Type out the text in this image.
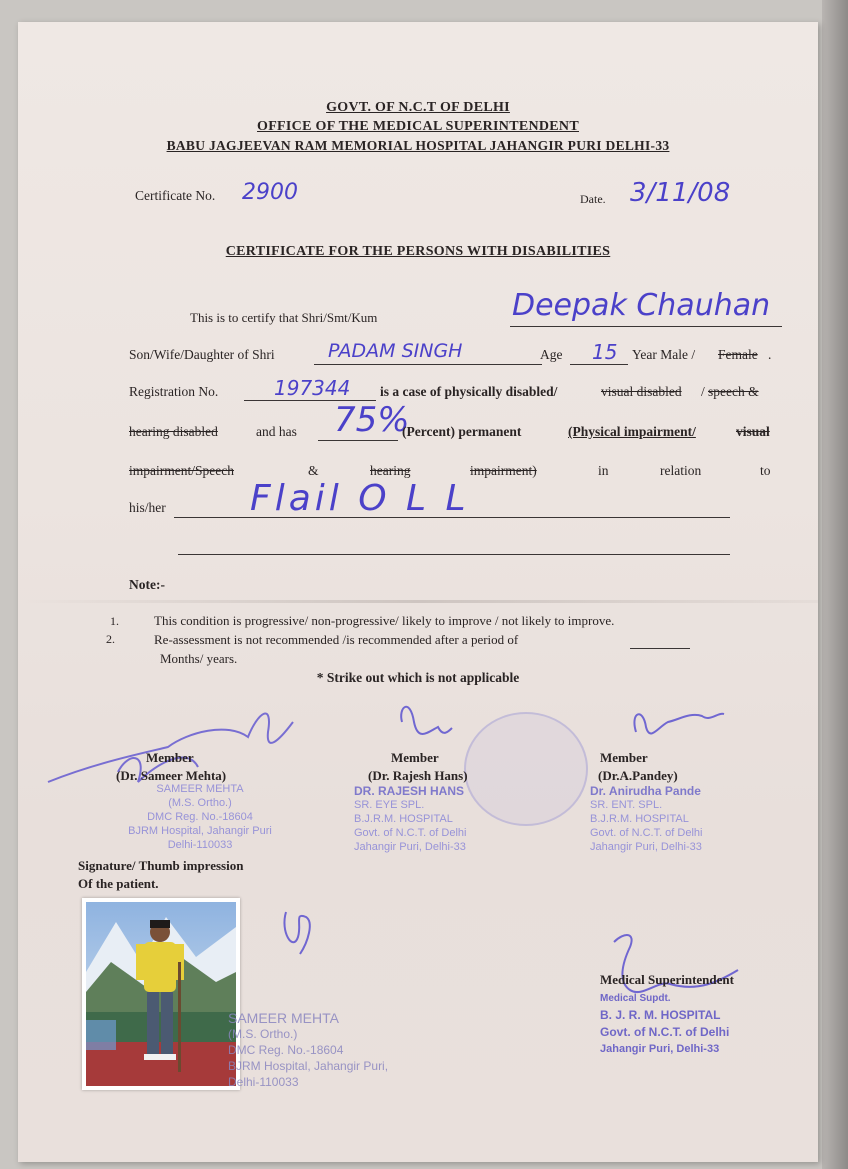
GOVT. OF N.C.T OF DELHI
OFFICE OF THE MEDICAL SUPERINTENDENT
BABU JAGJEEVAN RAM MEMORIAL HOSPITAL JAHANGIR PURI DELHI-33
Certificate No. 2900	Date. 3/11/08
CERTIFICATE FOR THE PERSONS WITH DISABILITIES
This is to certify that Shri/Smt/Kum	Deepak Chauhan
Son/Wife/Daughter of Shri	PADAM SINGH	Age 15 Year Male / Female .
Registration No.	197344 is a case of physically disabled/	visual disabled / speech &
hearing disabled	and has 75%
(Percent) permanent	(Physical impairment/	visual
impairment/Speech	&	hearing	impairment)	in	relation	to
his/her Flail O L L
Note:-
1.	This condition is progressive/ non-progressive/ likely to improve / not likely to improve.
2.	Re-assessment is not recommended /is recommended after a period of
Months/ years.
* Strike out which is not applicable
Member
(Dr. Sameer Mehta)
SAMEER MEHTA
(M.S. Ortho.)
DMC Reg. No.-18604
BJRM Hospital, Jahangir Puri
Delhi-110033
Member
(Dr. Rajesh Hans)
DR. RAJESH HANS
SR. EYE SPL.
B.J.R.M. HOSPITAL
Govt. of N.C.T. of Delhi
Jahangir Puri, Delhi-33
Member
(Dr.A.Pandey)
Dr. Anirudha Pande
SR. ENT. SPL.
B.J.R.M. HOSPITAL
Govt. of N.C.T. of Delhi
Jahangir Puri, Delhi-33
Signature/ Thumb impression
Of the patient.
SAMEER MEHTA
(M.S. Ortho.)
DMC Reg. No.-18604
BJRM Hospital, Jahangir Puri,
Delhi-110033
Medical Superintendent
Medical Supdt.
B. J. R. M. HOSPITAL
Govt. of N.C.T. of Delhi
Jahangir Puri, Delhi-33
